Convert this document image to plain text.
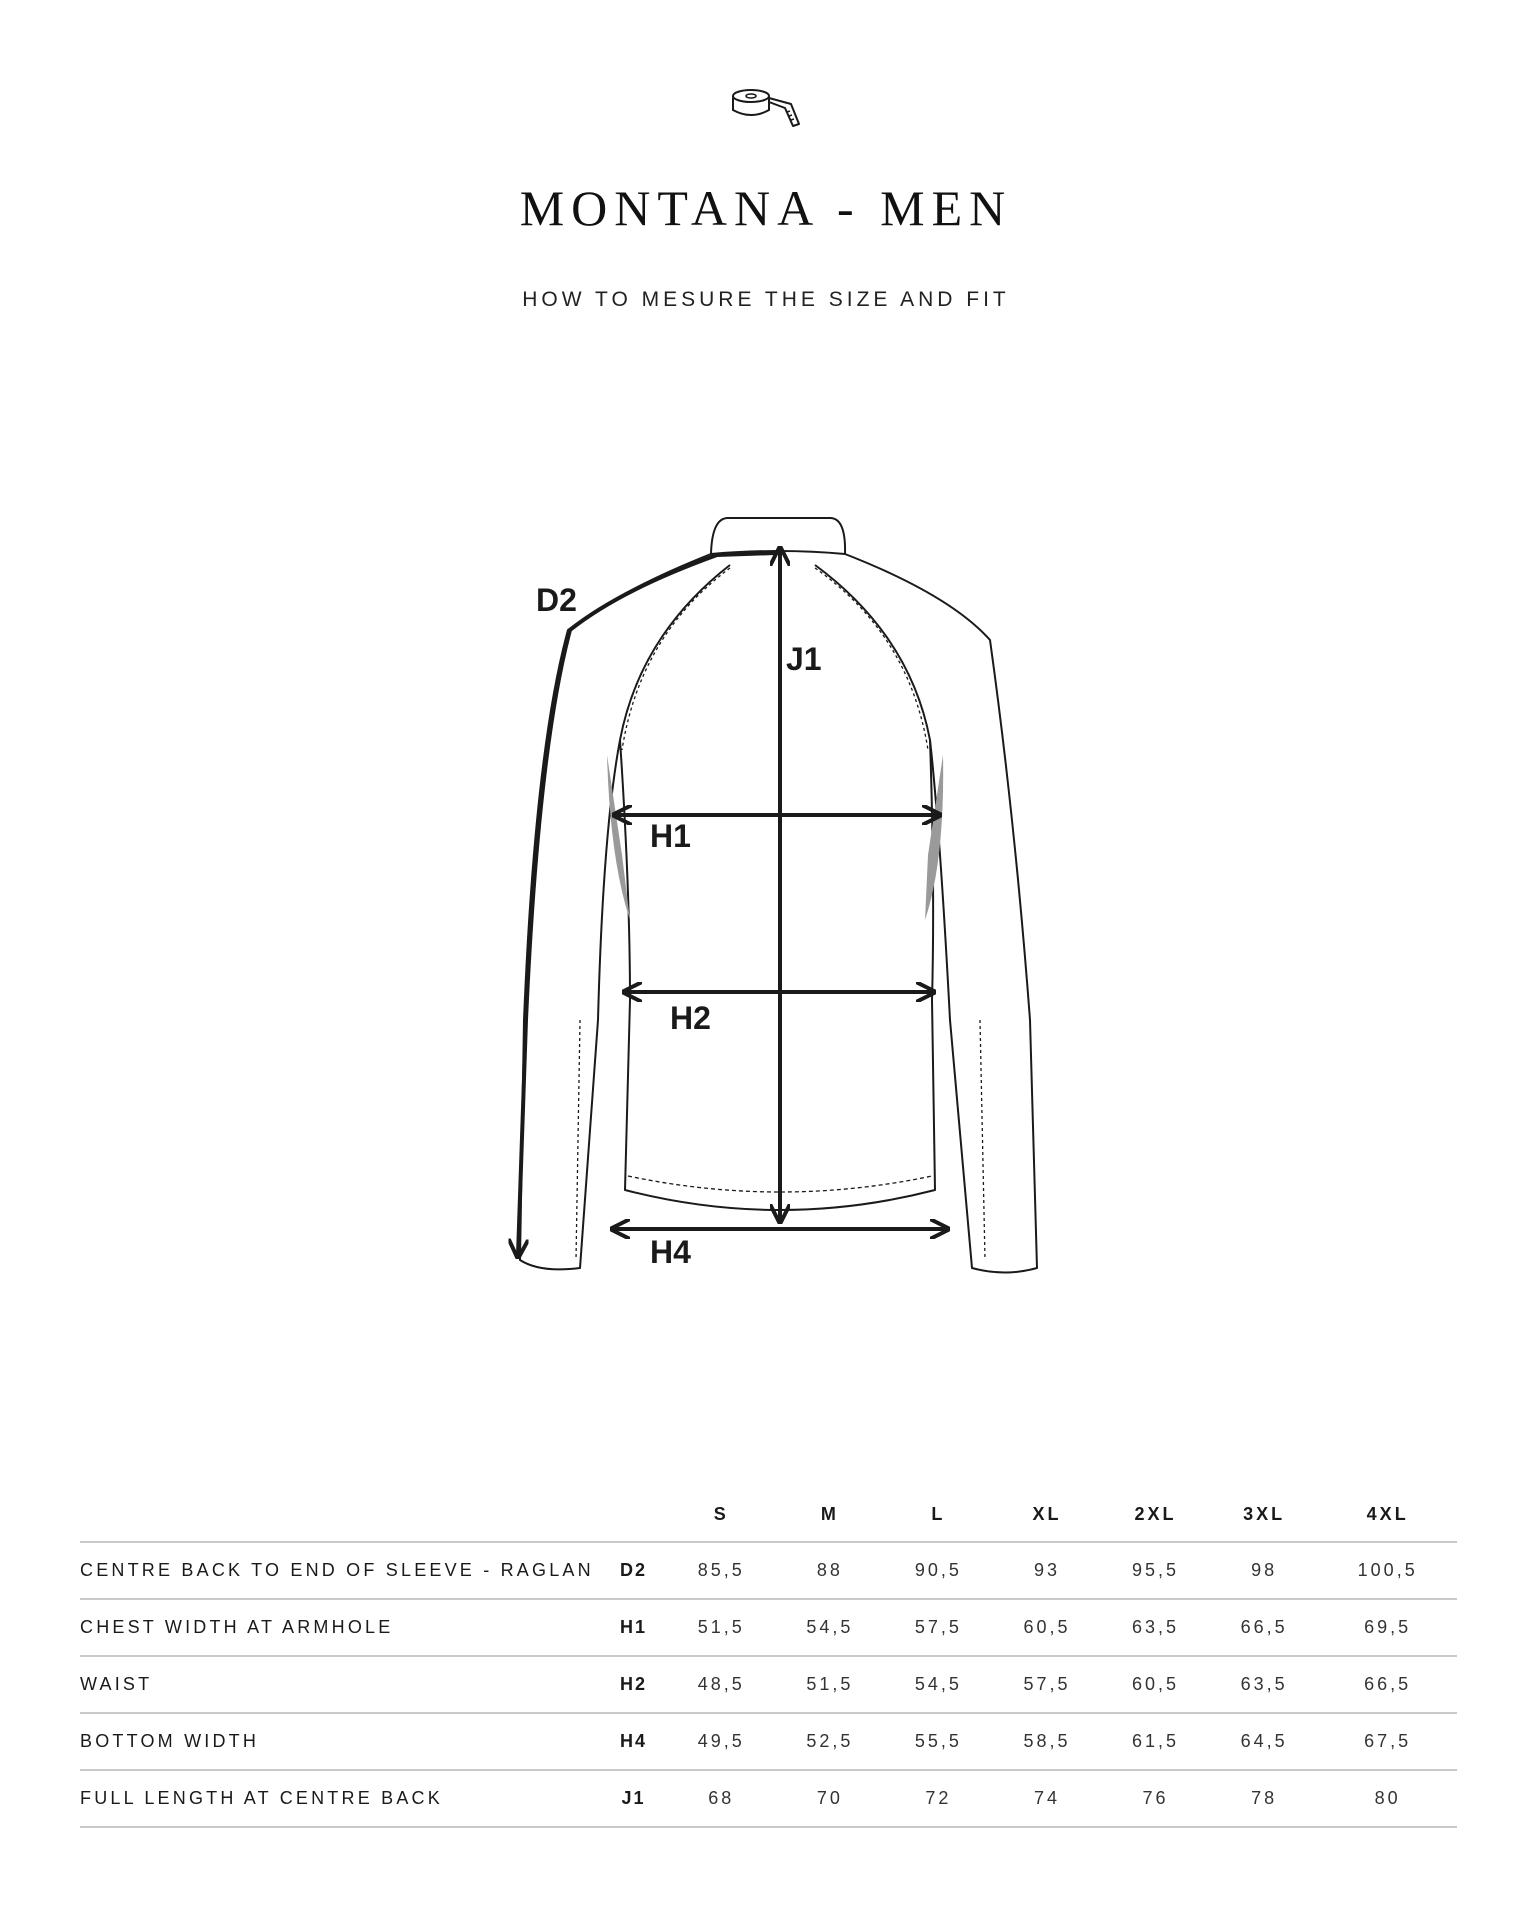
MONTANA - MEN
HOW TO MESURE THE SIZE AND FIT
D2
J1
H1
H2
H4
		S	M	L	XL	2XL	3XL	4XL
CENTRE BACK TO END OF SLEEVE - RAGLAN	D2	85,5	88	90,5	93	95,5	98	100,5
CHEST WIDTH AT ARMHOLE	H1	51,5	54,5	57,5	60,5	63,5	66,5	69,5
WAIST	H2	48,5	51,5	54,5	57,5	60,5	63,5	66,5
BOTTOM WIDTH	H4	49,5	52,5	55,5	58,5	61,5	64,5	67,5
FULL LENGTH AT CENTRE BACK	J1	68	70	72	74	76	78	80
